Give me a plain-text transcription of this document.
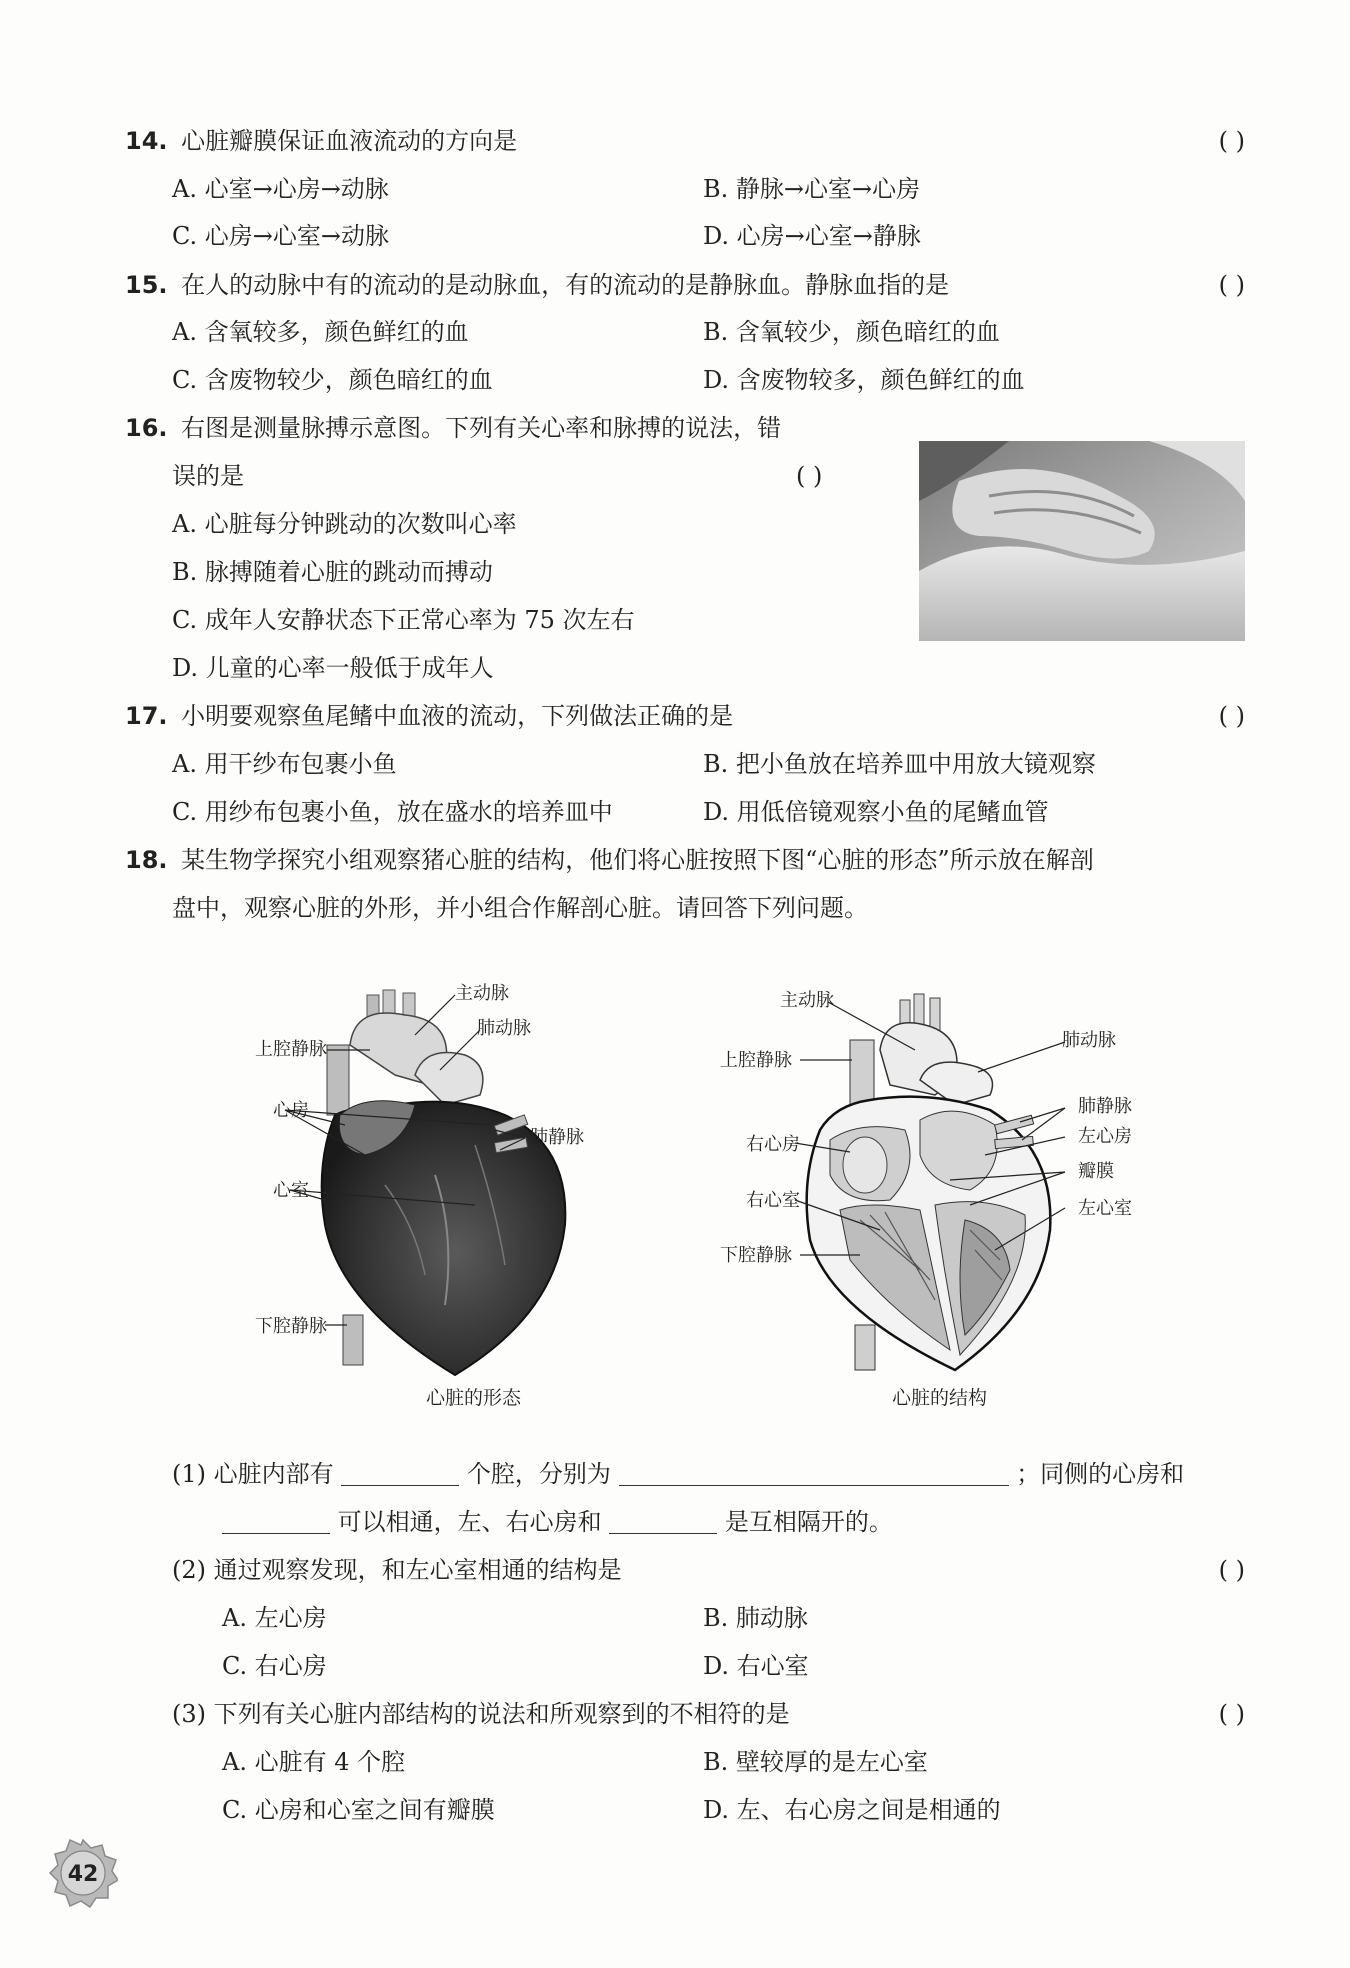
14. 心脏瓣膜保证血液流动的方向是	( )
A. 心室→心房→动脉	B. 静脉→心室→心房
C. 心房→心室→动脉	D. 心房→心室→静脉
15. 在人的动脉中有的流动的是动脉血，有的流动的是静脉血。静脉血指的是	( )
A. 含氧较多，颜色鲜红的血	B. 含氧较少，颜色暗红的血
C. 含废物较少，颜色暗红的血	D. 含废物较多，颜色鲜红的血
16. 右图是测量脉搏示意图。下列有关心率和脉搏的说法，错
误的是	( )
A. 心脏每分钟跳动的次数叫心率
B. 脉搏随着心脏的跳动而搏动
C. 成年人安静状态下正常心率为 75 次左右
D. 儿童的心率一般低于成年人
17. 小明要观察鱼尾鳍中血液的流动，下列做法正确的是	( )
A. 用干纱布包裹小鱼	B. 把小鱼放在培养皿中用放大镜观察
C. 用纱布包裹小鱼，放在盛水的培养皿中	D. 用低倍镜观察小鱼的尾鳍血管
18. 某生物学探究小组观察猪心脏的结构，他们将心脏按照下图“心脏的形态”所示放在解剖
盘中，观察心脏的外形，并小组合作解剖心脏。请回答下列问题。
主动脉
肺动脉
上腔静脉
心房
肺静脉
心室
下腔静脉
心脏的形态
主动脉
肺动脉
上腔静脉
肺静脉
左心房
右心房
瓣膜
右心室	左心室
下腔静脉
心脏的结构
(1) 心脏内部有	个腔，分别为	；同侧的心房和
可以相通，左、右心房和	是互相隔开的。
(2) 通过观察发现，和左心室相通的结构是	( )
A. 左心房	B. 肺动脉
C. 右心房	D. 右心室
(3) 下列有关心脏内部结构的说法和所观察到的不相符的是	( )
A. 心脏有 4 个腔	B. 壁较厚的是左心室
C. 心房和心室之间有瓣膜	D. 左、右心房之间是相通的
42
